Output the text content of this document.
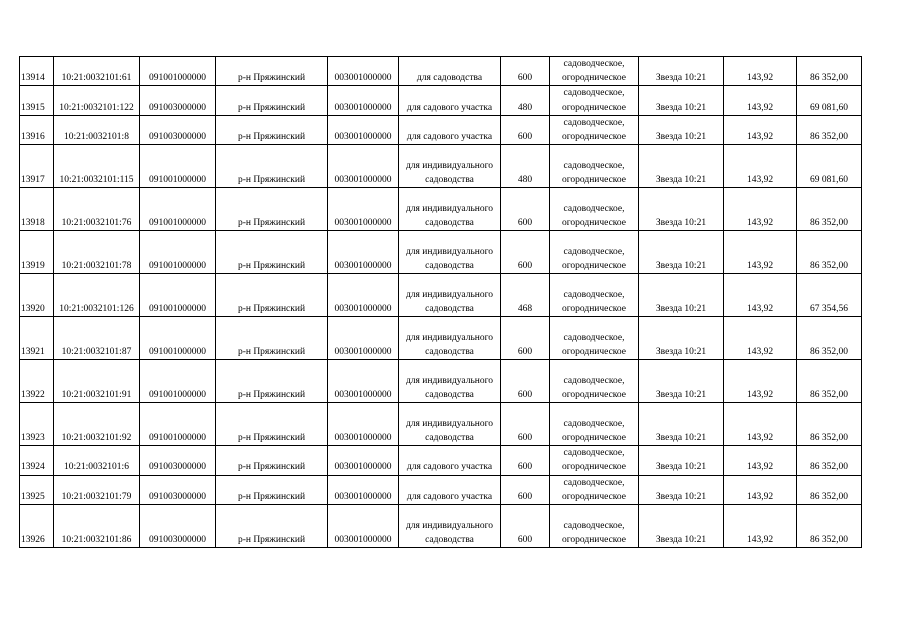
13914	10:21:0032101:61	091001000000	р-н Пряжинский	003001000000	для садоводства	600	садоводческое, огородническое	Звезда 10:21	143,92	86 352,00
13915	10:21:0032101:122	091003000000	р-н Пряжинский	003001000000	для садового участка	480	садоводческое, огородническое	Звезда 10:21	143,92	69 081,60
13916	10:21:0032101:8	091003000000	р-н Пряжинский	003001000000	для садового участка	600	садоводческое, огородническое	Звезда 10:21	143,92	86 352,00
13917	10:21:0032101:115	091001000000	р-н Пряжинский	003001000000	для индивидуального садоводства	480	садоводческое, огородническое	Звезда 10:21	143,92	69 081,60
13918	10:21:0032101:76	091001000000	р-н Пряжинский	003001000000	для индивидуального садоводства	600	садоводческое, огородническое	Звезда 10:21	143,92	86 352,00
13919	10:21:0032101:78	091001000000	р-н Пряжинский	003001000000	для индивидуального садоводства	600	садоводческое, огородническое	Звезда 10:21	143,92	86 352,00
13920	10:21:0032101:126	091001000000	р-н Пряжинский	003001000000	для индивидуального садоводства	468	садоводческое, огородническое	Звезда 10:21	143,92	67 354,56
13921	10:21:0032101:87	091001000000	р-н Пряжинский	003001000000	для индивидуального садоводства	600	садоводческое, огородническое	Звезда 10:21	143,92	86 352,00
13922	10:21:0032101:91	091001000000	р-н Пряжинский	003001000000	для индивидуального садоводства	600	садоводческое, огородническое	Звезда 10:21	143,92	86 352,00
13923	10:21:0032101:92	091001000000	р-н Пряжинский	003001000000	для индивидуального садоводства	600	садоводческое, огородническое	Звезда 10:21	143,92	86 352,00
13924	10:21:0032101:6	091003000000	р-н Пряжинский	003001000000	для садового участка	600	садоводческое, огородническое	Звезда 10:21	143,92	86 352,00
13925	10:21:0032101:79	091003000000	р-н Пряжинский	003001000000	для садового участка	600	садоводческое, огородническое	Звезда 10:21	143,92	86 352,00
13926	10:21:0032101:86	091003000000	р-н Пряжинский	003001000000	для индивидуального садоводства	600	садоводческое, огородническое	Звезда 10:21	143,92	86 352,00
